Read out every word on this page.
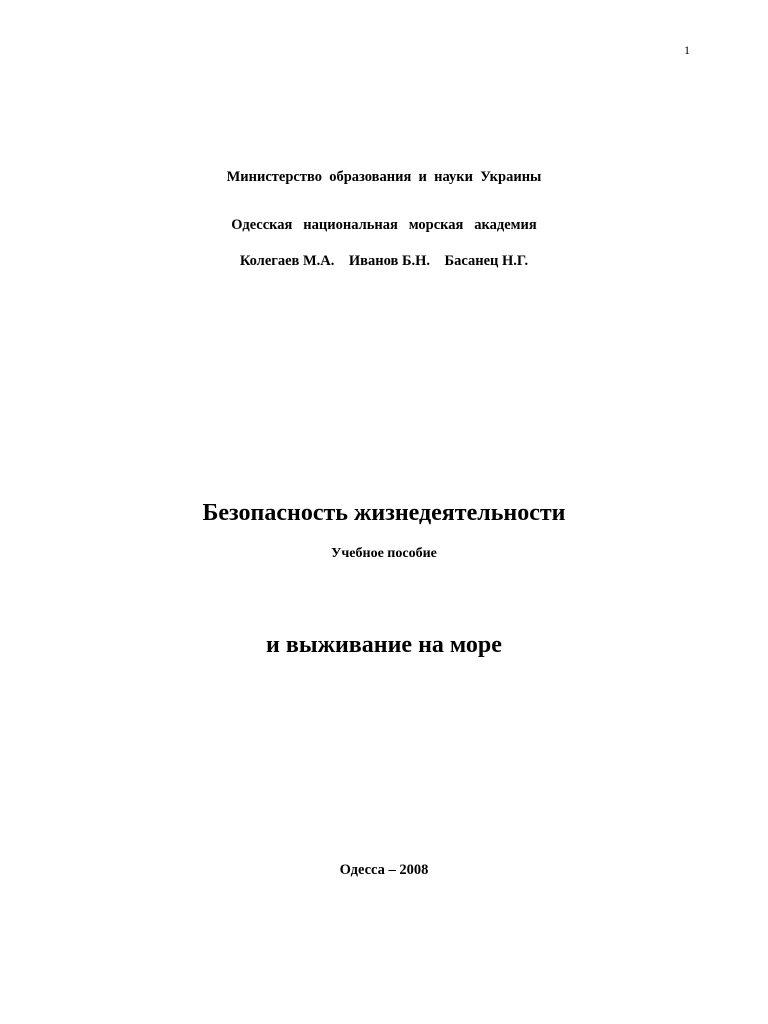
1

Министерство  образования  и  науки  Украины

Одесская   национальная   морская   академия

Колегаев М.А.    Иванов Б.Н.    Басанец Н.Г.

Безопасность жизнедеятельности

и выживание на море

Учебное пособие
Одесса – 2008
